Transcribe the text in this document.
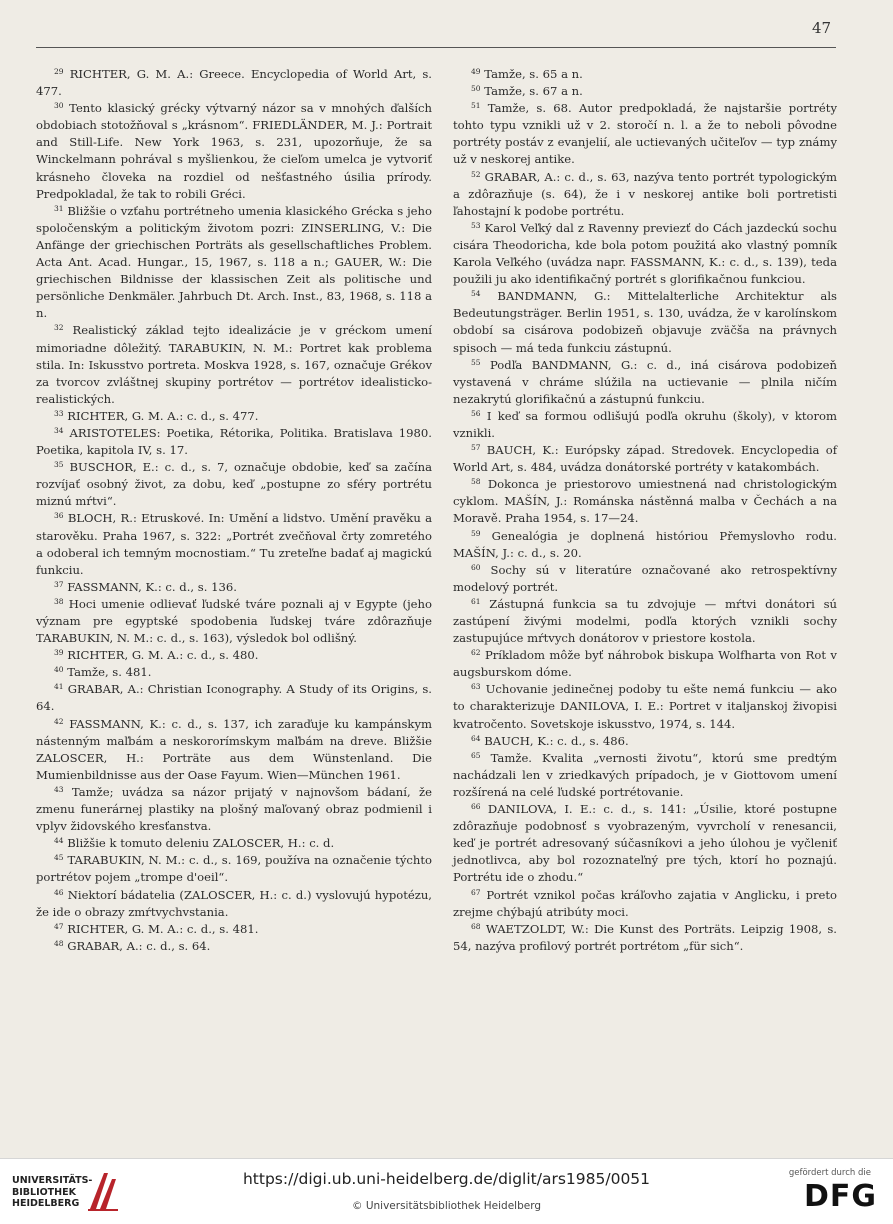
47

$^{29}$ RICHTER, G. M. A.: Greece. Encyclopedia of World Art, s. 477.

$^{30}$ Tento klasický grécky výtvarný názor sa v mnohých ďalších obdobiach stotožňoval s „krásnom“. FRIEDLÄNDER, M. J.: Portrait and Still-Life. New York 1963, s. 231, upozorňuje, že sa Winckelmann pohrával s myšlienkou, že cieľom umelca je vytvoriť krásneho človeka na rozdiel od nešťastného úsilia prírody. Predpokladal, že tak to robili Gréci.

$^{31}$ Bližšie o vzťahu portrétneho umenia klasického Grécka s jeho spoločenským a politickým životom pozri: ZINSERLING, V.: Die Anfänge der griechischen Porträts als gesellschaftliches Problem. Acta Ant. Acad. Hungar., 15, 1967, s. 118 a n.; GAUER, W.: Die griechischen Bildnisse der klassischen Zeit als politische und persönliche Denkmäler. Jahrbuch Dt. Arch. Inst., 83, 1968, s. 118 a n.

$^{32}$ Realistický základ tejto idealizácie je v gréckom umení mimoriadne dôležitý. TARABUKIN, N. M.: Portret kak problema stila. In: Iskusstvo portreta. Moskva 1928, s. 167, označuje Grékov za tvorcov zvláštnej skupiny portrétov — portrétov idealisticko-realistických.

$^{33}$ RICHTER, G. M. A.: c. d., s. 477.

$^{34}$ ARISTOTELES: Poetika, Rétorika, Politika. Bratislava 1980. Poetika, kapitola IV, s. 17.

$^{35}$ BUSCHOR, E.: c. d., s. 7, označuje obdobie, keď sa začína rozvíjať osobný život, za dobu, keď „postupne zo sféry portrétu miznú mŕtvi“.

$^{36}$ BLOCH, R.: Etruskové. In: Umění a lidstvo. Umění pravěku a starověku. Praha 1967, s. 322: „Portrét zvečňoval črty zomretého a odoberal ich temným mocnostiam.“ Tu zreteľne badať aj magickú funkciu.

$^{37}$ FASSMANN, K.: c. d., s. 136.

$^{38}$ Hoci umenie odlievať ľudské tváre poznali aj v Egypte (jeho význam pre egyptské spodobenia ľudskej tváre zdôrazňuje TARABUKIN, N. M.: c. d., s. 163), výsledok bol odlišný.

$^{39}$ RICHTER, G. M. A.: c. d., s. 480.

$^{40}$ Tamže, s. 481.

$^{41}$ GRABAR, A.: Christian Iconography. A Study of its Origins, s. 64.

$^{42}$ FASSMANN, K.: c. d., s. 137, ich zaraďuje ku kampánskym nástenným maľbám a neskororímskym maľbám na dreve. Bližšie ZALOSCER, H.: Porträte aus dem Wünstenland. Die Mumienbildnisse aus der Oase Fayum. Wien—München 1961.

$^{43}$ Tamže; uvádza sa názor prijatý v najnovšom bádaní, že zmenu funerárnej plastiky na plošný maľovaný obraz podmienil i vplyv židovského kresťanstva.

$^{44}$ Bližšie k tomuto deleniu ZALOSCER, H.: c. d.

$^{45}$ TARABUKIN, N. M.: c. d., s. 169, používa na označenie týchto portrétov pojem „trompe d'oeil“.

$^{46}$ Niektorí bádatelia (ZALOSCER, H.: c. d.) vyslovujú hypotézu, že ide o obrazy zmŕtvychvstania.

$^{47}$ RICHTER, G. M. A.: c. d., s. 481.

$^{48}$ GRABAR, A.: c. d., s. 64.

$^{49}$ Tamže, s. 65 a n.

$^{50}$ Tamže, s. 67 a n.

$^{51}$ Tamže, s. 68. Autor predpokladá, že najstaršie portréty tohto typu vznikli už v 2. storočí n. l. a že to neboli pôvodne portréty postáv z evanjelií, ale uctievaných učiteľov — typ známy už v neskorej antike.

$^{52}$ GRABAR, A.: c. d., s. 63, nazýva tento portrét typologickým a zdôrazňuje (s. 64), že i v neskorej antike boli portretisti ľahostajní k podobe portrétu.

$^{53}$ Karol Veľký dal z Ravenny previezť do Cách jazdeckú sochu cisára Theodoricha, kde bola potom použitá ako vlastný pomník Karola Veľkého (uvádza napr. FASSMANN, K.: c. d., s. 139), teda použili ju ako identifikačný portrét s glorifikačnou funkciou.

$^{54}$ BANDMANN, G.: Mittelalterliche Architektur als Bedeutungsträger. Berlin 1951, s. 130, uvádza, že v karolínskom období sa cisárova podobizeň objavuje zväčša na právnych spisoch — má teda funkciu zástupnú.

$^{55}$ Podľa BANDMANN, G.: c. d., iná cisárova podobizeň vystavená v chráme slúžila na uctievanie — plnila ničím nezakrytú glorifikačnú a zástupnú funkciu.

$^{56}$ I keď sa formou odlišujú podľa okruhu (školy), v ktorom vznikli.

$^{57}$ BAUCH, K.: Európsky západ. Stredovek. Encyclopedia of World Art, s. 484, uvádza donátorské portréty v katakombách.

$^{58}$ Dokonca je priestorovo umiestnená nad christologickým cyklom. MAŠÍN, J.: Románska nástěnná malba v Čechách a na Moravě. Praha 1954, s. 17—24.

$^{59}$ Genealógia je doplnená históriou Přemyslovho rodu. MAŠÍN, J.: c. d., s. 20.

$^{60}$ Sochy sú v literatúre označované ako retrospektívny modelový portrét.

$^{61}$ Zástupná funkcia sa tu zdvojuje — mŕtvi donátori sú zastúpení živými modelmi, podľa ktorých vznikli sochy zastupujúce mŕtvych donátorov v priestore kostola.

$^{62}$ Príkladom môže byť náhrobok biskupa Wolfharta von Rot v augsburskom dóme.

$^{63}$ Uchovanie jedinečnej podoby tu ešte nemá funkciu — ako to charakterizuje DANILOVA, I. E.: Portret v italjanskoj živopisi kvatročento. Sovetskoje iskusstvo, 1974, s. 144.

$^{64}$ BAUCH, K.: c. d., s. 486.

$^{65}$ Tamže. Kvalita „vernosti životu“, ktorú sme predtým nachádzali len v zriedkavých prípadoch, je v Giottovom umení rozšírená na celé ľudské portrétovanie.

$^{66}$ DANILOVA, I. E.: c. d., s. 141: „Úsilie, ktoré postupne zdôrazňuje podobnosť s vyobrazeným, vyvrcholí v renesancii, keď je portrét adresovaný súčasníkovi a jeho úlohou je vyčleniť jednotlivca, aby bol rozoznateľný pre tých, ktorí ho poznajú. Portrétu ide o zhodu.“

$^{67}$ Portrét vznikol počas kráľovho zajatia v Anglicku, i preto zrejme chýbajú atribúty moci.

$^{68}$ WAETZOLDT, W.: Die Kunst des Porträts. Leipzig 1908, s. 54, nazýva profilový portrét portrétom „für sich“.

UNIVERSITÄTS-
BIBLIOTHEK
HEIDELBERG
https://digi.ub.uni-heidelberg.de/diglit/ars1985/0051
© Universitätsbibliothek Heidelberg
gefördert durch die
DFG
